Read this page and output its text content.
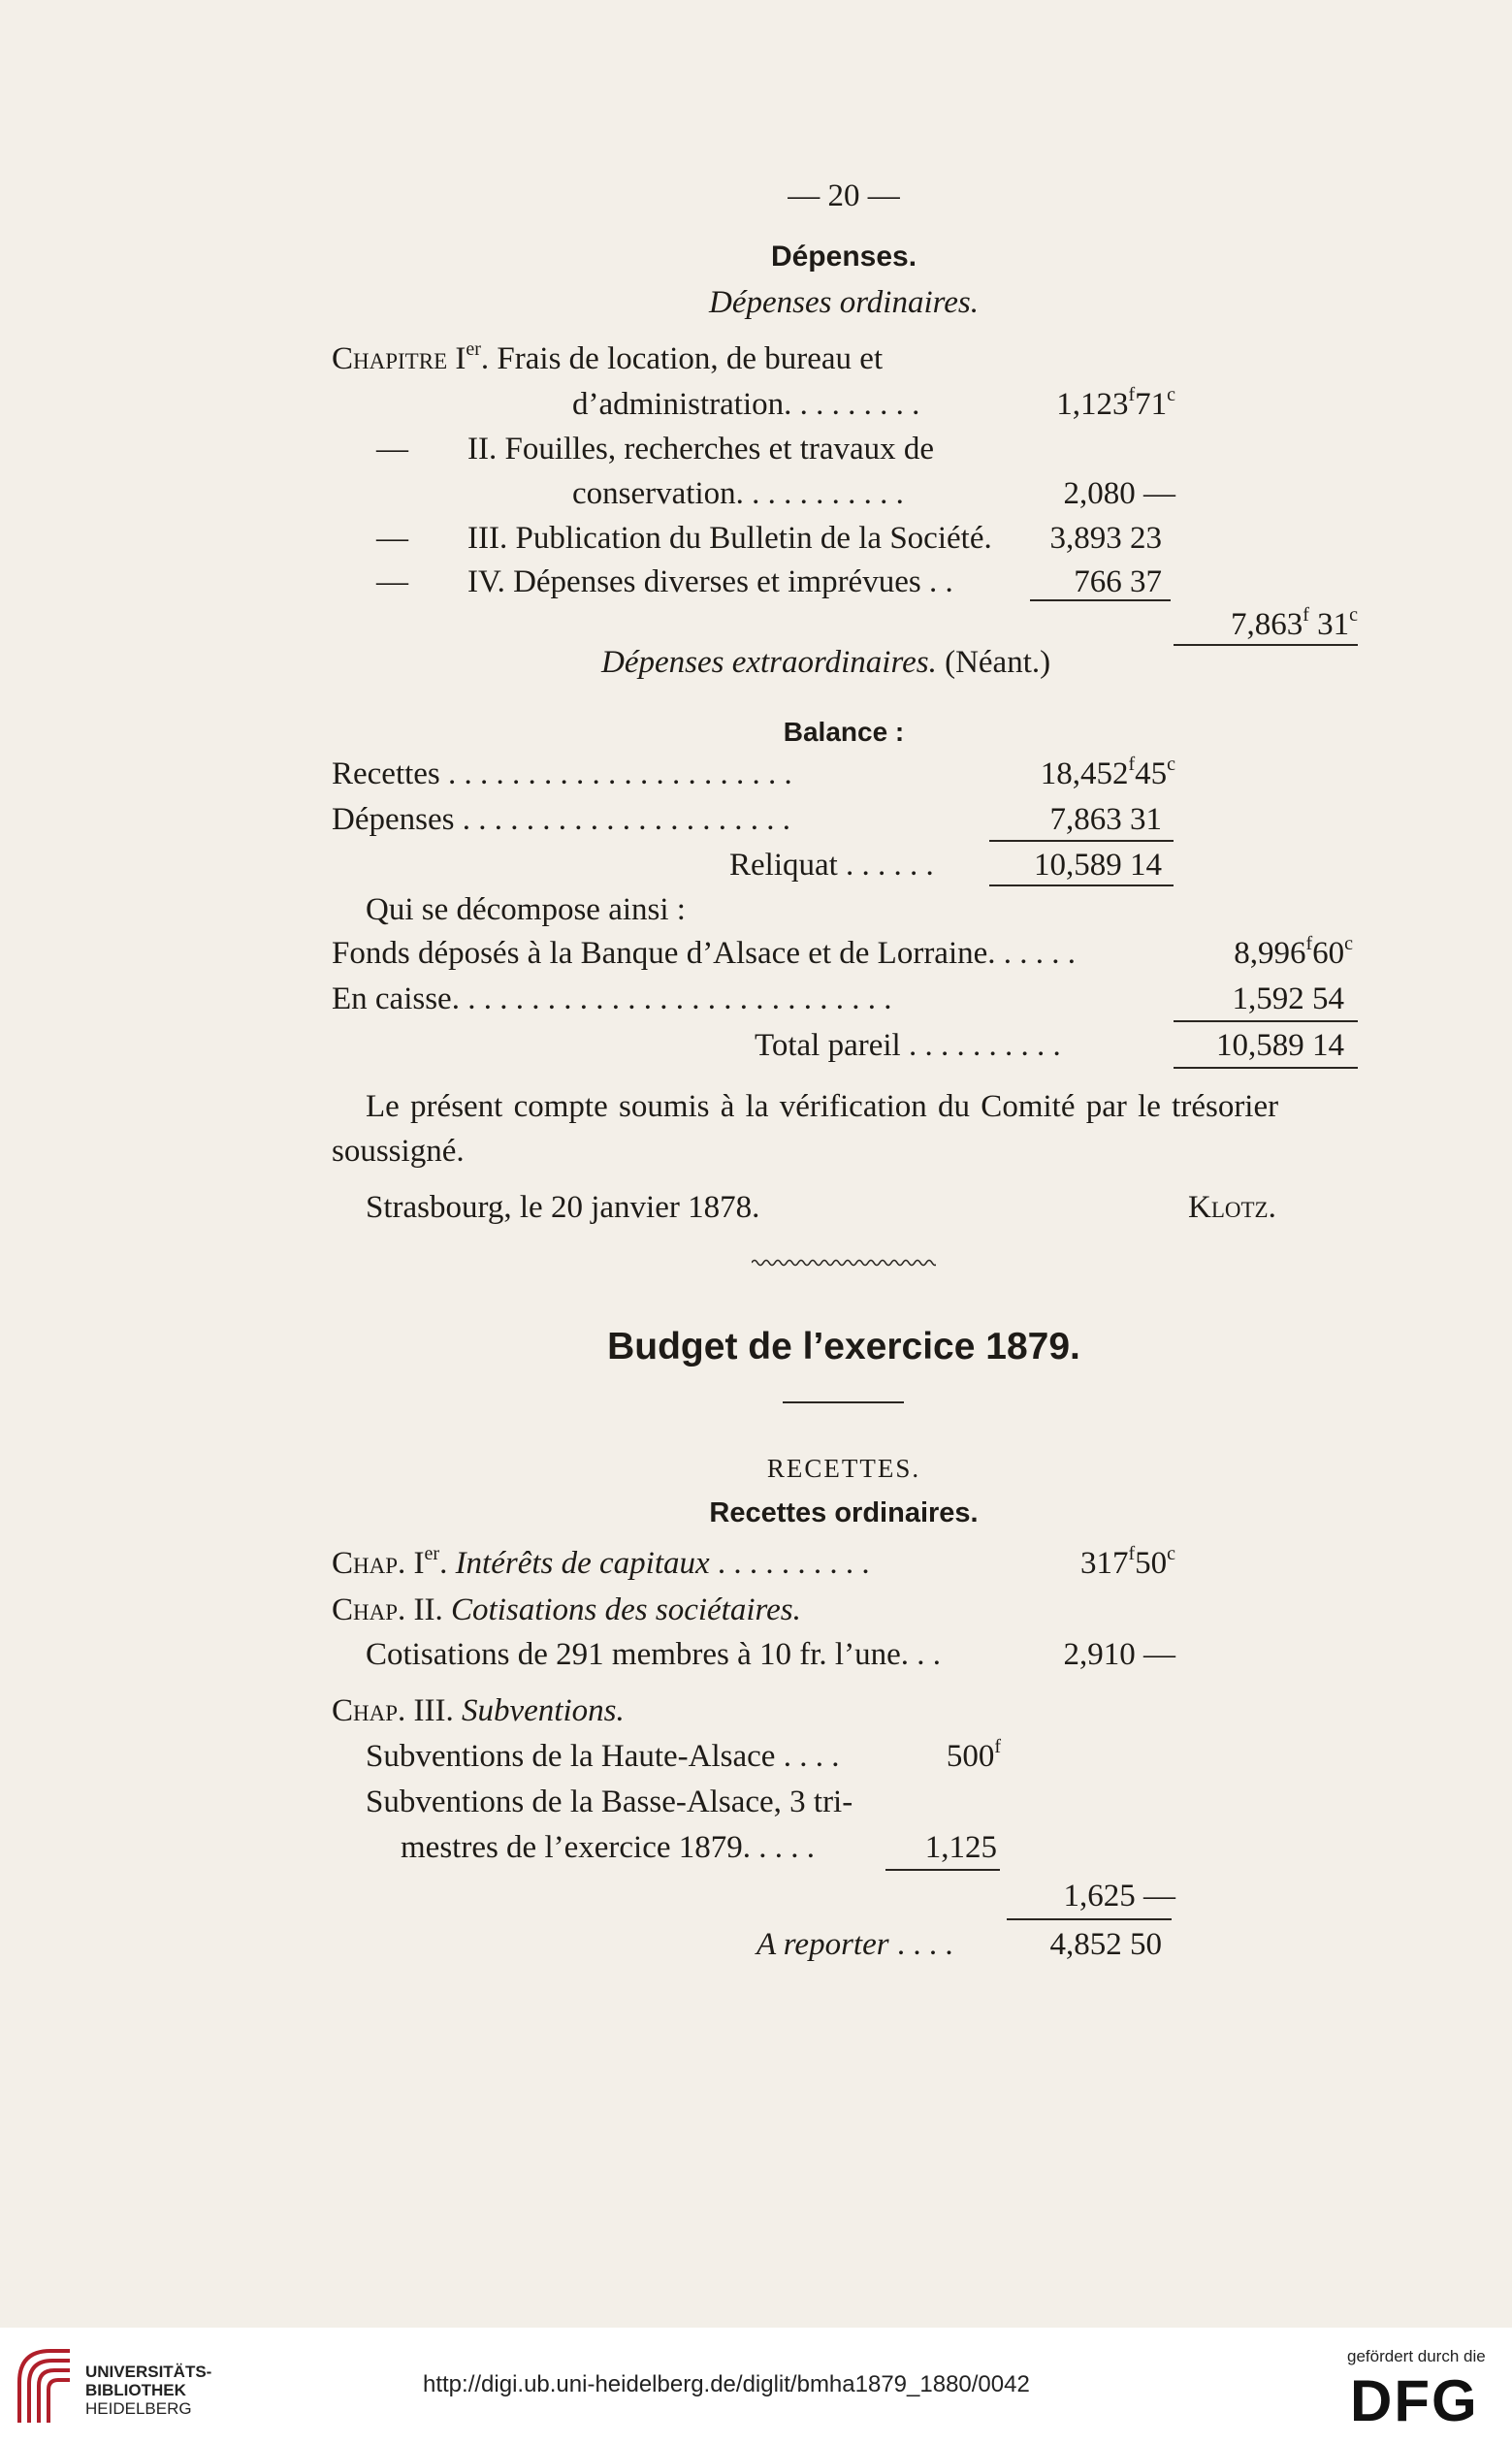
— 20 —
Dépenses.
Dépenses ordinaires.
Chapitre Ier. Frais de location, de bureau et
d’administration. . . . . . . . .	1,123$^f$71$^c$
— II. Fouilles, recherches et travaux de
conservation. . . . . . . . . . .	2,080 —
— III. Publication du Bulletin de la Société.	3,893 23
— IV. Dépenses diverses et imprévues . .	766 37
7,863$^f$ 31$^c$
Dépenses extraordinaires. (Néant.)
Balance :
Recettes . . . . . . . . . . . . . . . . . . . . . .	18,452$^f$45$^c$
Dépenses . . . . . . . . . . . . . . . . . . . . .	7,863 31
Reliquat . . . . . .	10,589 14
Qui se décompose ainsi :
Fonds déposés à la Banque d’Alsace et de Lorraine. . . . . .	8,996$^f$60$^c$
En caisse. . . . . . . . . . . . . . . . . . . . . . . . . . . .	1,592 54
Total pareil . . . . . . . . . .	10,589 14
Le présent compte soumis à la vérification du Comité par le trésorier
soussigné.
Strasbourg, le 20 janvier 1878.	Klotz.
Budget de l’exercice 1879.
RECETTES.
Recettes ordinaires.
Chap. Ier. Intérêts de capitaux . . . . . . . . . .	317$^f$50$^c$
Chap. II. Cotisations des sociétaires.
Cotisations de 291 membres à 10 fr. l’une. . .	2,910 —
Chap. III. Subventions.
Subventions de la Haute-Alsace . . . .	500$^f$
Subventions de la Basse-Alsace, 3 tri-
mestres de l’exercice 1879. . . . .	1,125
1,625 —
A reporter . . . .	4,852 50
UNIVERSITÄTS-
BIBLIOTHEK
HEIDELBERG
http://digi.ub.uni-heidelberg.de/diglit/bmha1879_1880/0042
gefördert durch die
DFG
